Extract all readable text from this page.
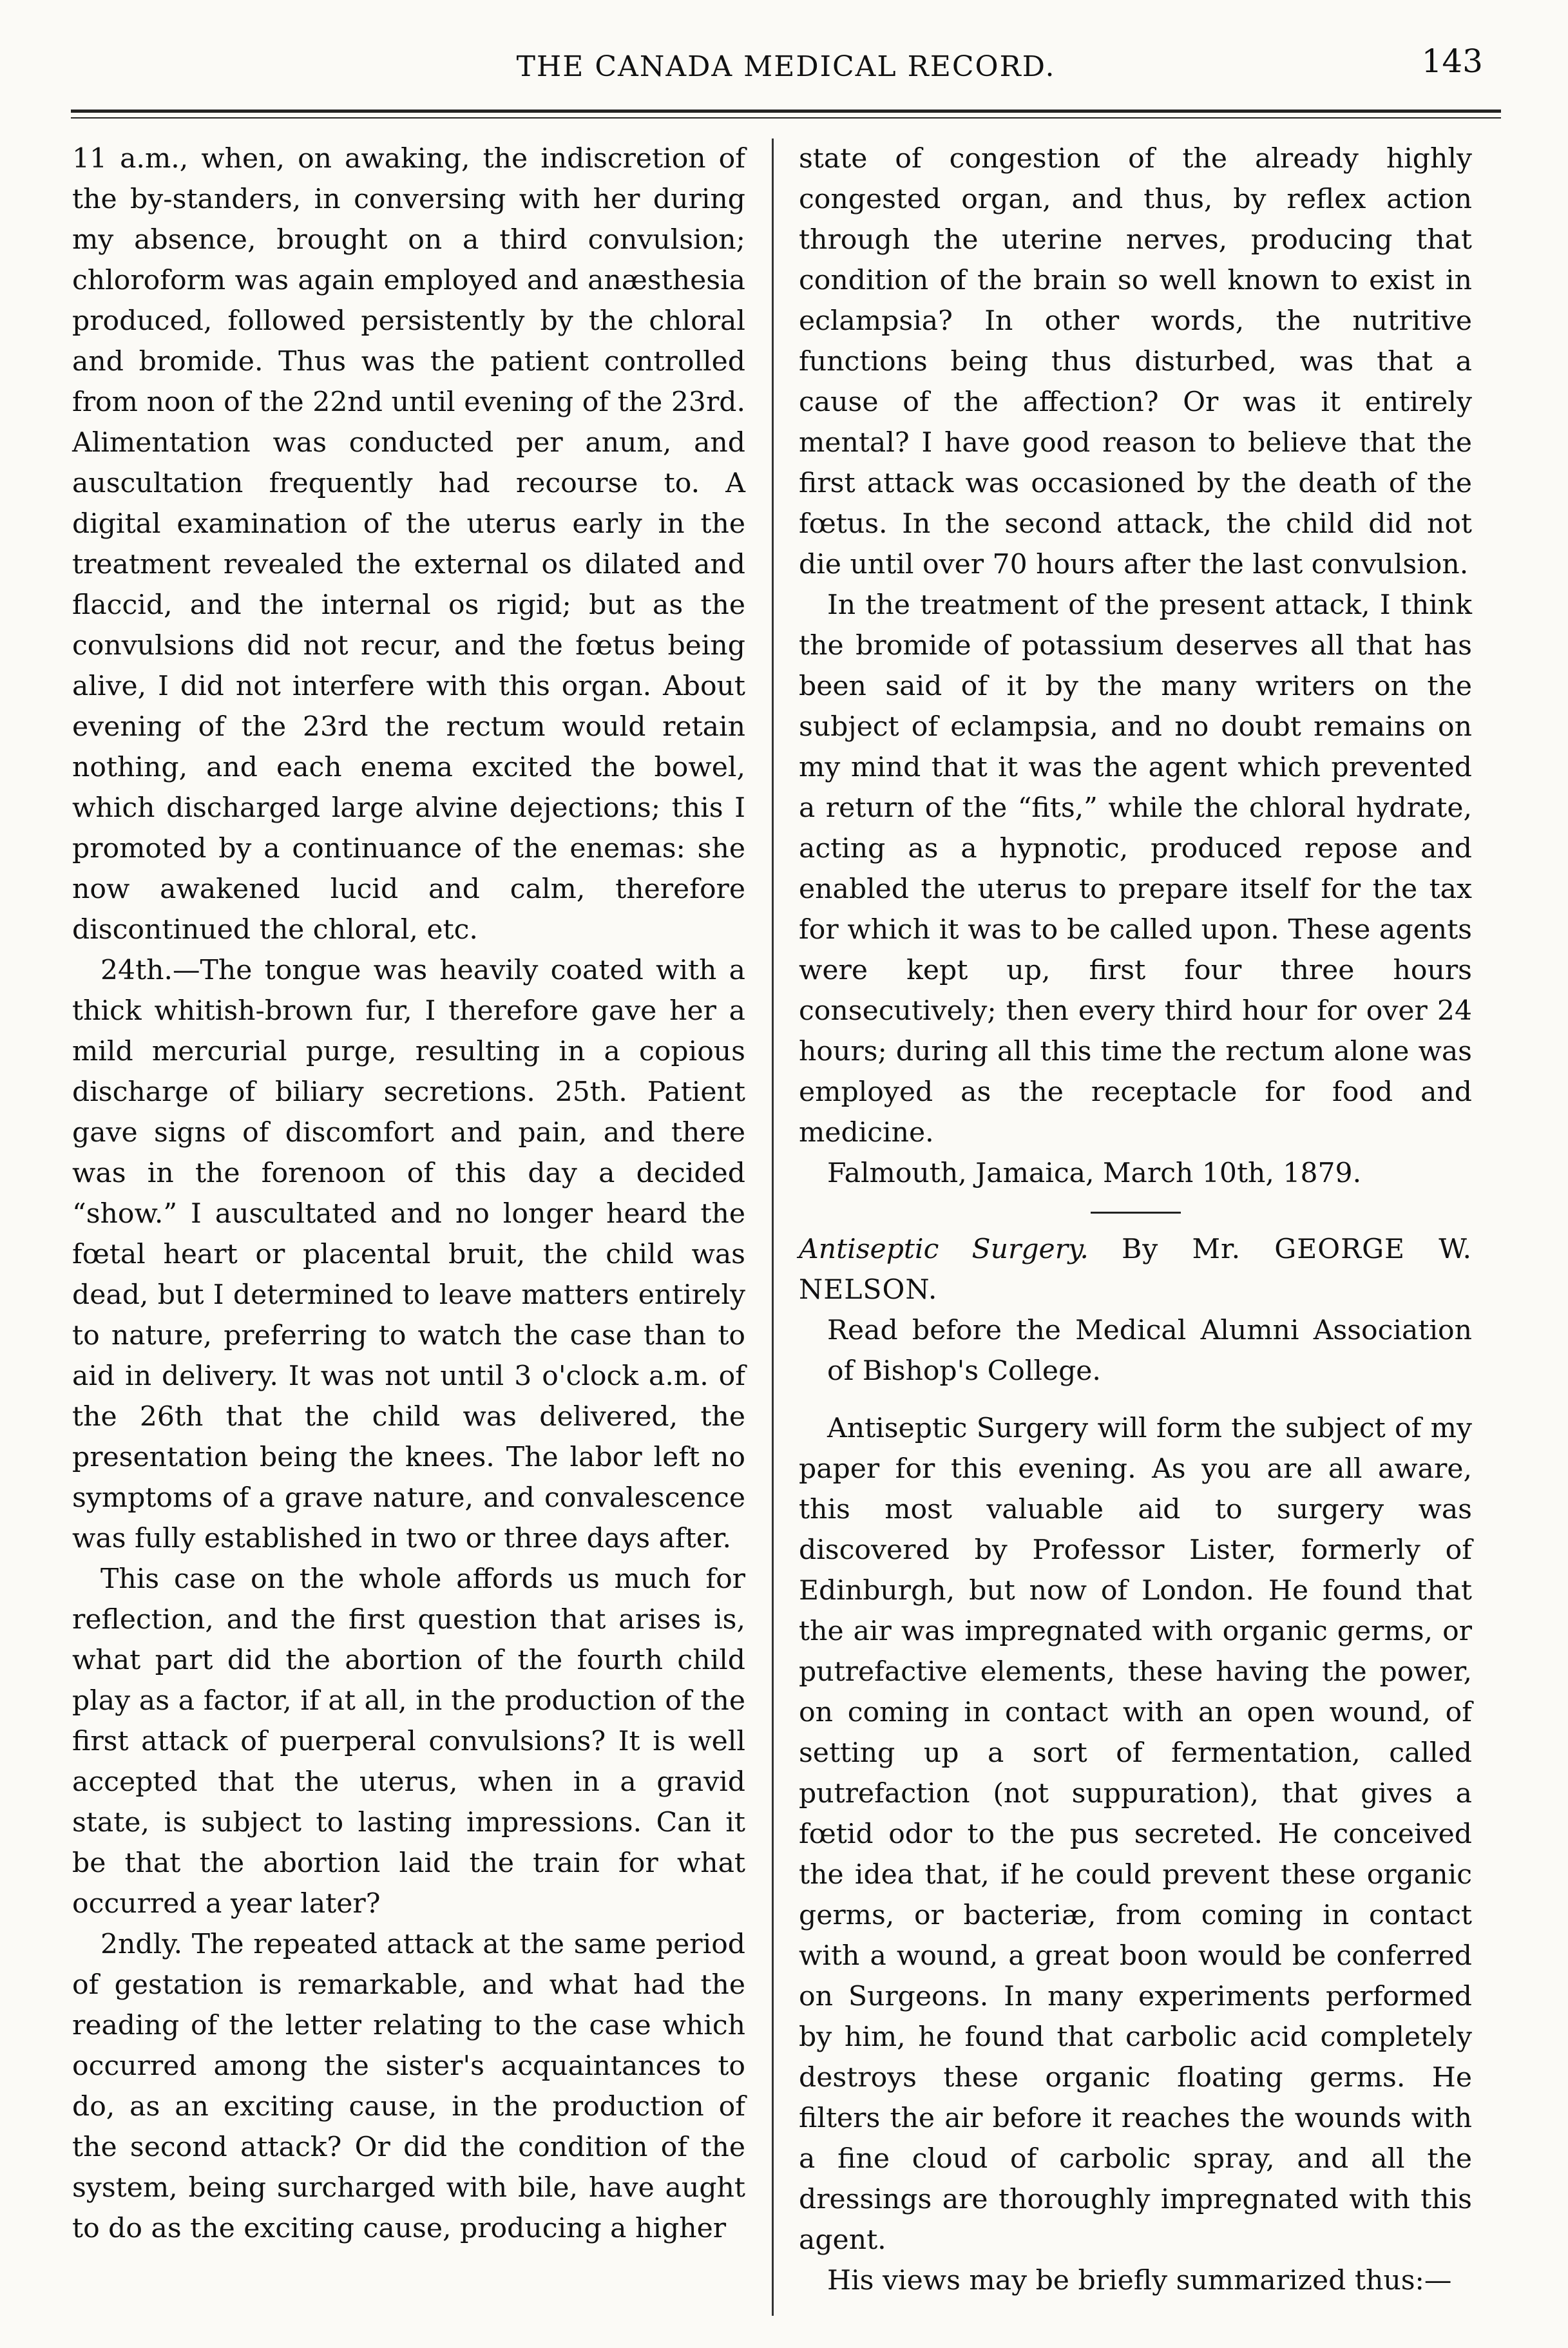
THE CANADA MEDICAL RECORD.	143

11 a.m., when, on awaking, the indiscretion of the by-standers, in conversing with her during my absence, brought on a third convulsion; chloroform was again employed and anæsthesia produced, followed persistently by the chloral and bromide. Thus was the patient controlled from noon of the 22nd until evening of the 23rd. Alimentation was conducted per anum, and auscultation frequently had recourse to. A digital examination of the uterus early in the treatment revealed the external os dilated and flaccid, and the internal os rigid; but as the convulsions did not recur, and the fœtus being alive, I did not interfere with this organ. About evening of the 23rd the rectum would retain nothing, and each enema excited the bowel, which discharged large alvine dejections; this I promoted by a continuance of the enemas: she now awakened lucid and calm, therefore discontinued the chloral, etc.

24th.—The tongue was heavily coated with a thick whitish-brown fur, I therefore gave her a mild mercurial purge, resulting in a copious discharge of biliary secretions. 25th. Patient gave signs of discomfort and pain, and there was in the forenoon of this day a decided “show.” I auscultated and no longer heard the fœtal heart or placental bruit, the child was dead, but I determined to leave matters entirely to nature, preferring to watch the case than to aid in delivery. It was not until 3 o'clock a.m. of the 26th that the child was delivered, the presentation being the knees. The labor left no symptoms of a grave nature, and convalescence was fully established in two or three days after.

This case on the whole affords us much for reflection, and the first question that arises is, what part did the abortion of the fourth child play as a factor, if at all, in the production of the first attack of puerperal convulsions? It is well accepted that the uterus, when in a gravid state, is subject to lasting impressions. Can it be that the abortion laid the train for what occurred a year later?

2ndly. The repeated attack at the same period of gestation is remarkable, and what had the reading of the letter relating to the case which occurred among the sister's acquaintances to do, as an exciting cause, in the production of the second attack? Or did the condition of the system, being surcharged with bile, have aught to do as the exciting cause, producing a higher

state of congestion of the already highly congested organ, and thus, by reflex action through the uterine nerves, producing that condition of the brain so well known to exist in eclampsia? In other words, the nutritive functions being thus disturbed, was that a cause of the affection? Or was it entirely mental? I have good reason to believe that the first attack was occasioned by the death of the fœtus. In the second attack, the child did not die until over 70 hours after the last convulsion.

In the treatment of the present attack, I think the bromide of potassium deserves all that has been said of it by the many writers on the subject of eclampsia, and no doubt remains on my mind that it was the agent which prevented a return of the “fits,” while the chloral hydrate, acting as a hypnotic, produced repose and enabled the uterus to prepare itself for the tax for which it was to be called upon. These agents were kept up, first four three hours consecutively; then every third hour for over 24 hours; during all this time the rectum alone was employed as the receptacle for food and medicine.

Falmouth, Jamaica, March 10th, 1879.

Antiseptic Surgery. By Mr. GEORGE W. NELSON.

Read before the Medical Alumni Association of Bishop's College.

Antiseptic Surgery will form the subject of my paper for this evening. As you are all aware, this most valuable aid to surgery was discovered by Professor Lister, formerly of Edinburgh, but now of London. He found that the air was impregnated with organic germs, or putrefactive elements, these having the power, on coming in contact with an open wound, of setting up a sort of fermentation, called putrefaction (not suppuration), that gives a fœtid odor to the pus secreted. He conceived the idea that, if he could prevent these organic germs, or bacteriæ, from coming in contact with a wound, a great boon would be conferred on Surgeons. In many experiments performed by him, he found that carbolic acid completely destroys these organic floating germs. He filters the air before it reaches the wounds with a fine cloud of carbolic spray, and all the dressings are thoroughly impregnated with this agent.

His views may be briefly summarized thus:—
